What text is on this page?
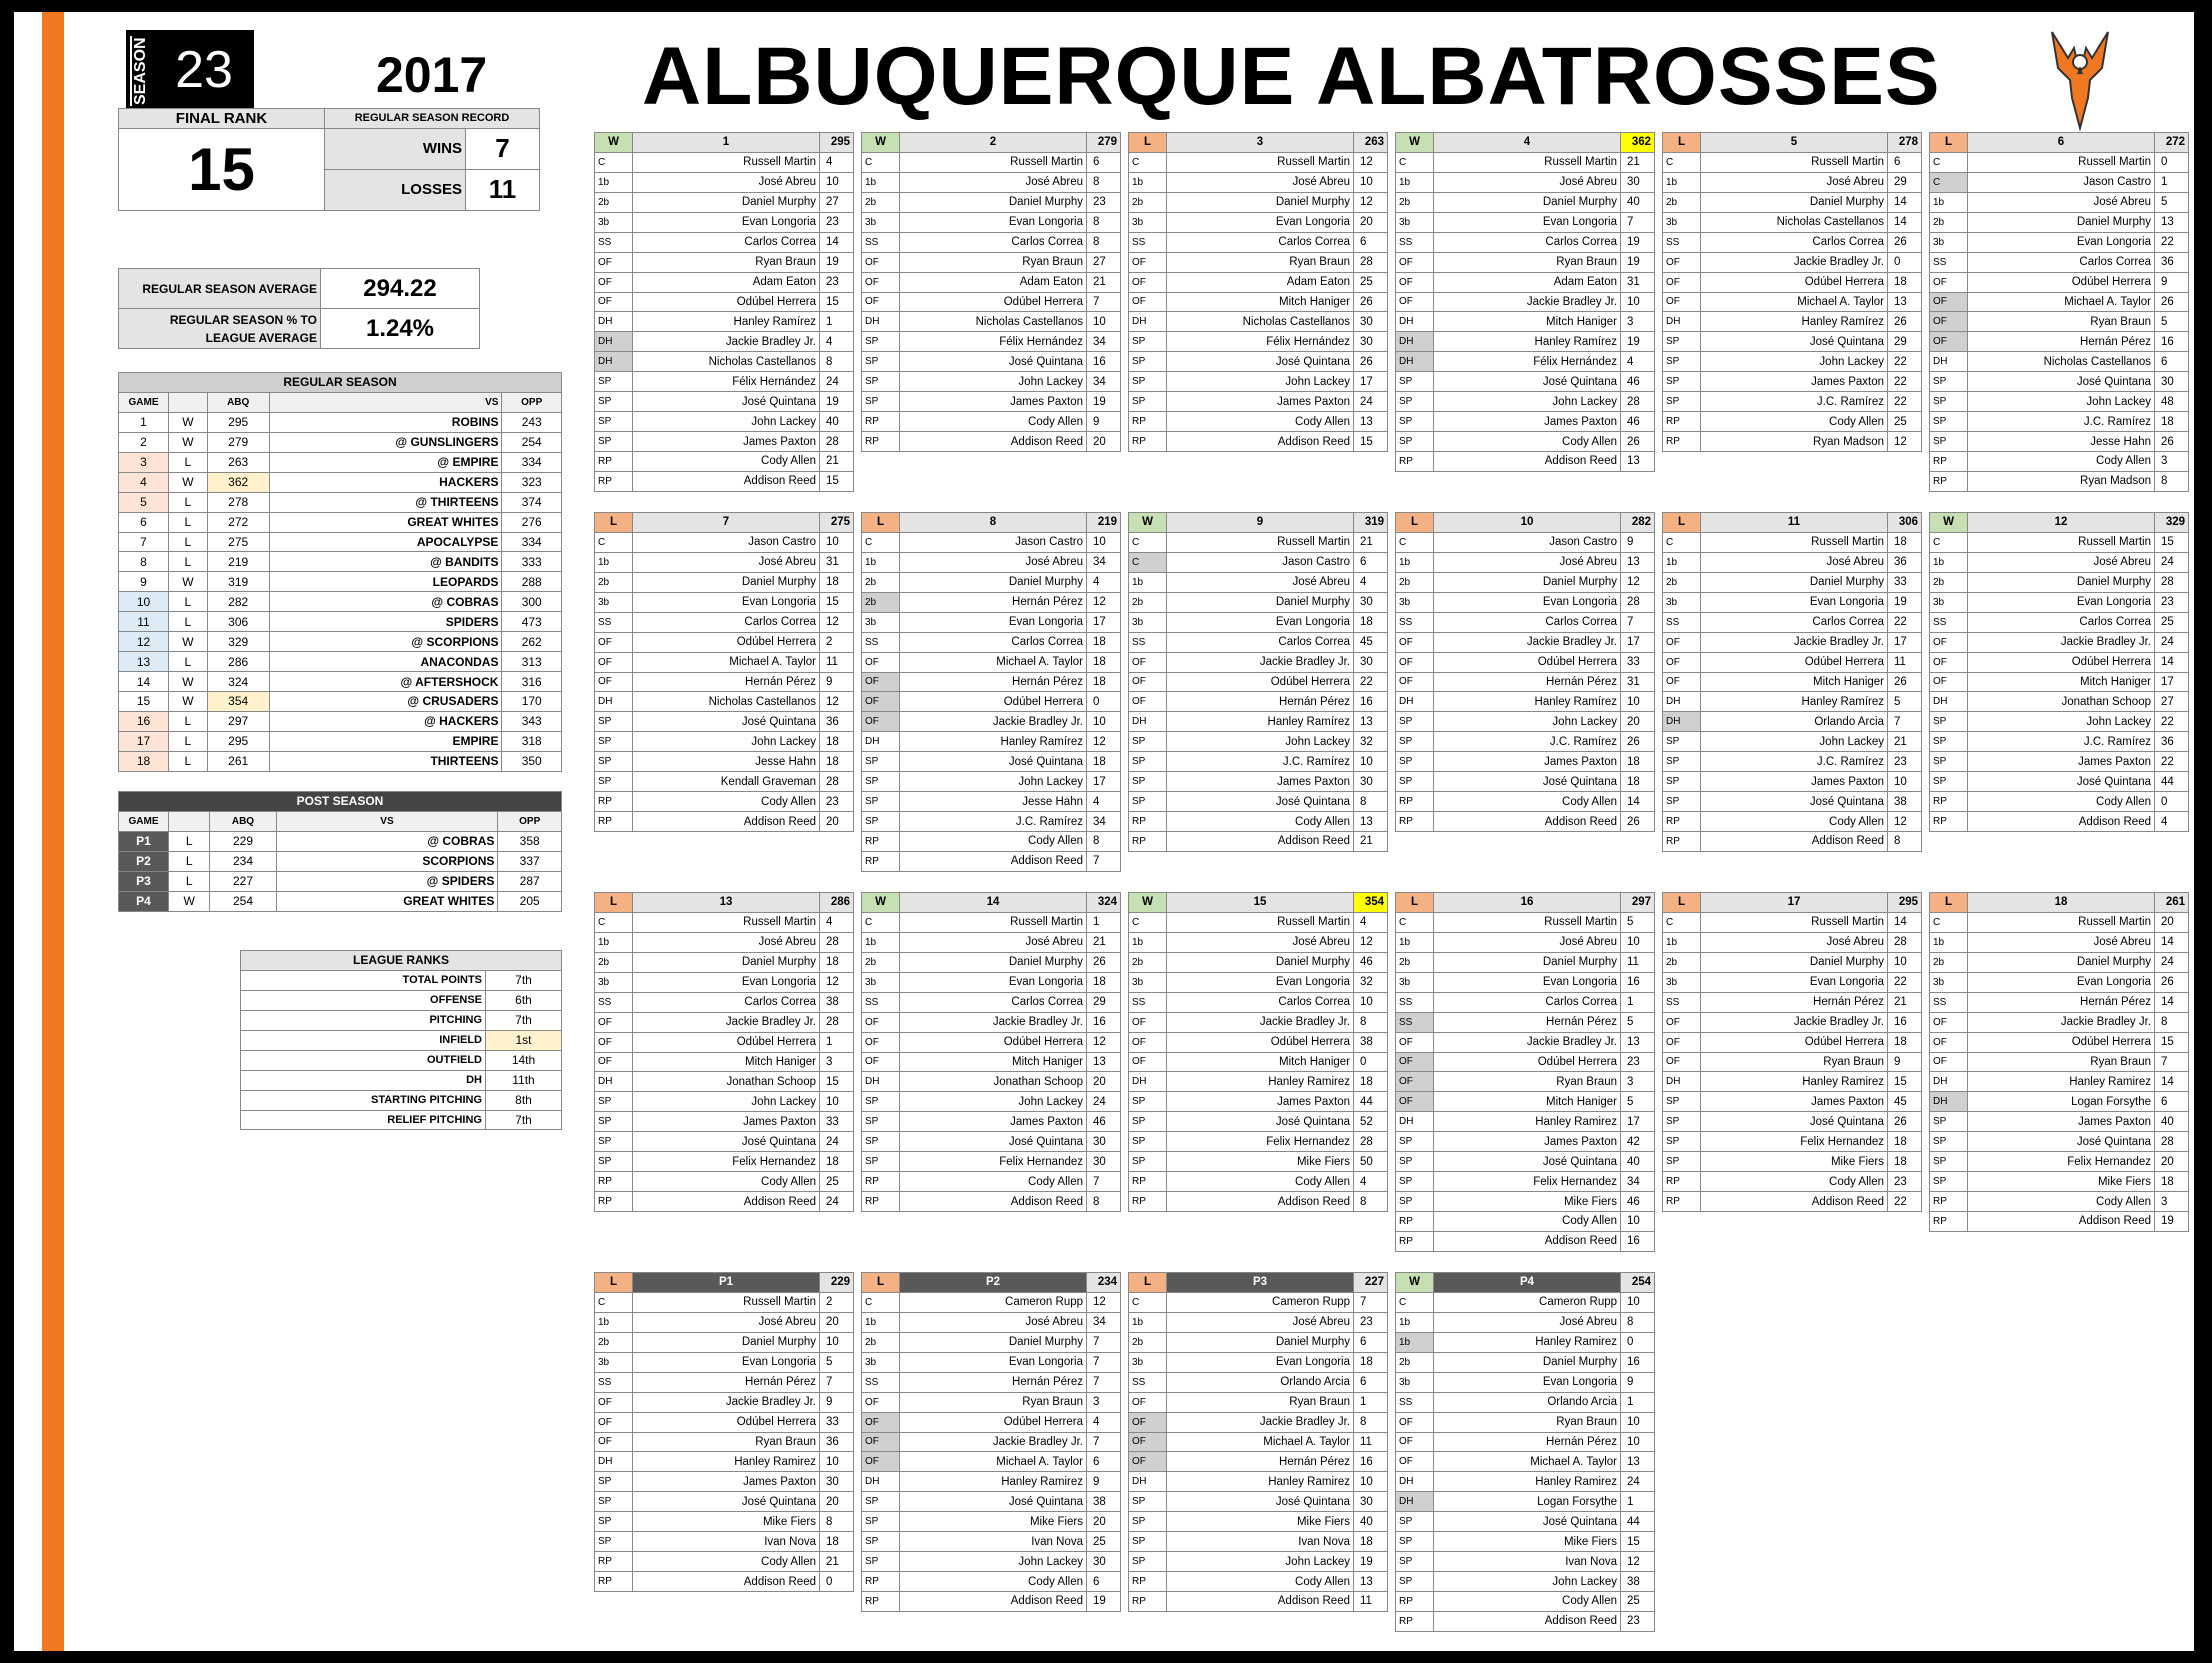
SEASON 23	2017 ALBUQUERQUE ALBATROSSES
FINAL RANK	REGULAR SEASON RECORD	
15	WINS	7
	LOSSES	11
REGULAR SEASON AVERAGE	294.22
REGULAR SEASON % TO LEAGUE AVERAGE	1.24%
REGULAR SEASON				
GAME		ABQ	VS	OPP
1	W	295	ROBINS	243
2	W	279	@ GUNSLINGERS	254
3	L	263	@ EMPIRE	334
4	W	362	HACKERS	323
5	L	278	@ THIRTEENS	374
6	L	272	GREAT WHITES	276
7	L	275	APOCALYPSE	334
8	L	219	@ BANDITS	333
9	W	319	LEOPARDS	288
10	L	282	@ COBRAS	300
11	L	306	SPIDERS	473
12	W	329	@ SCORPIONS	262
13	L	286	ANACONDAS	313
14	W	324	@ AFTERSHOCK	316
15	W	354	@ CRUSADERS	170
16	L	297	@ HACKERS	343
17	L	295	EMPIRE	318
18	L	261	THIRTEENS	350
POST SEASON				
GAME		ABQ	VS	OPP
P1	L	229	@ COBRAS	358
P2	L	234	SCORPIONS	337
P3	L	227	@ SPIDERS	287
P4	W	254	GREAT WHITES	205
LEAGUE RANKS	
TOTAL POINTS	7th
OFFENSE	6th
PITCHING	7th
INFIELD	1st
OUTFIELD	14th
DH	11th
STARTING PITCHING	8th
RELIEF PITCHING	7th
W	1	295
C	Russell Martin	4
1b	José Abreu	10
2b	Daniel Murphy	27
3b	Evan Longoria	23
SS	Carlos Correa	14
OF	Ryan Braun	19
OF	Adam Eaton	23
OF	Odúbel Herrera	15
DH	Hanley Ramírez	1
DH	Jackie Bradley Jr.	4
DH	Nicholas Castellanos	8
SP	Félix Hernández	24
SP	José Quintana	19
SP	John Lackey	40
SP	James Paxton	28
RP	Cody Allen	21
RP	Addison Reed	15
W	2	279
C	Russell Martin	6
1b	José Abreu	8
2b	Daniel Murphy	23
3b	Evan Longoria	8
SS	Carlos Correa	8
OF	Ryan Braun	27
OF	Adam Eaton	21
OF	Odúbel Herrera	7
DH	Nicholas Castellanos	10
SP	Félix Hernández	34
SP	José Quintana	16
SP	John Lackey	34
SP	James Paxton	19
RP	Cody Allen	9
RP	Addison Reed	20
L	3	263
C	Russell Martin	12
1b	José Abreu	10
2b	Daniel Murphy	12
3b	Evan Longoria	20
SS	Carlos Correa	6
OF	Ryan Braun	28
OF	Adam Eaton	25
OF	Mitch Haniger	26
DH	Nicholas Castellanos	30
SP	Félix Hernández	30
SP	José Quintana	26
SP	John Lackey	17
SP	James Paxton	24
RP	Cody Allen	13
RP	Addison Reed	15
W	4	362
C	Russell Martin	21
1b	José Abreu	30
2b	Daniel Murphy	40
3b	Evan Longoria	7
SS	Carlos Correa	19
OF	Ryan Braun	19
OF	Adam Eaton	31
OF	Jackie Bradley Jr.	10
DH	Mitch Haniger	3
DH	Hanley Ramírez	19
DH	Félix Hernández	4
SP	José Quintana	46
SP	John Lackey	28
SP	James Paxton	46
SP	Cody Allen	26
RP	Addison Reed	13
L	5	278
C	Russell Martin	6
1b	José Abreu	29
2b	Daniel Murphy	14
3b	Nicholas Castellanos	14
SS	Carlos Correa	26
OF	Jackie Bradley Jr.	0
OF	Odúbel Herrera	18
OF	Michael A. Taylor	13
DH	Hanley Ramírez	26
SP	José Quintana	29
SP	John Lackey	22
SP	James Paxton	22
SP	J.C. Ramírez	22
RP	Cody Allen	25
RP	Ryan Madson	12
L	6	272
C	Russell Martin	0
C	Jason Castro	1
1b	José Abreu	5
2b	Daniel Murphy	13
3b	Evan Longoria	22
SS	Carlos Correa	36
OF	Odúbel Herrera	9
OF	Michael A. Taylor	26
OF	Ryan Braun	5
OF	Hernán Pérez	16
DH	Nicholas Castellanos	6
SP	José Quintana	30
SP	John Lackey	48
SP	J.C. Ramírez	18
SP	Jesse Hahn	26
RP	Cody Allen	3
RP	Ryan Madson	8
L	7	275
C	Jason Castro	10
1b	José Abreu	31
2b	Daniel Murphy	18
3b	Evan Longoria	15
SS	Carlos Correa	12
OF	Odúbel Herrera	2
OF	Michael A. Taylor	11
OF	Hernán Pérez	9
DH	Nicholas Castellanos	12
SP	José Quintana	36
SP	John Lackey	18
SP	Jesse Hahn	18
SP	Kendall Graveman	28
RP	Cody Allen	23
RP	Addison Reed	20
L	8	219
C	Jason Castro	10
1b	José Abreu	34
2b	Daniel Murphy	4
2b	Hernán Pérez	12
3b	Evan Longoria	17
SS	Carlos Correa	18
OF	Michael A. Taylor	18
OF	Hernán Pérez	18
OF	Odúbel Herrera	0
OF	Jackie Bradley Jr.	10
DH	Hanley Ramírez	12
SP	José Quintana	18
SP	John Lackey	17
SP	Jesse Hahn	4
SP	J.C. Ramírez	34
RP	Cody Allen	8
RP	Addison Reed	7
W	9	319
C	Russell Martin	21
C	Jason Castro	6
1b	José Abreu	4
2b	Daniel Murphy	30
3b	Evan Longoria	18
SS	Carlos Correa	45
OF	Jackie Bradley Jr.	30
OF	Odúbel Herrera	22
OF	Hernán Pérez	16
DH	Hanley Ramírez	13
SP	John Lackey	32
SP	J.C. Ramírez	10
SP	James Paxton	30
SP	José Quintana	8
RP	Cody Allen	13
RP	Addison Reed	21
L	10	282
C	Jason Castro	9
1b	José Abreu	13
2b	Daniel Murphy	12
3b	Evan Longoria	28
SS	Carlos Correa	7
OF	Jackie Bradley Jr.	17
OF	Odúbel Herrera	33
OF	Hernán Pérez	31
DH	Hanley Ramírez	10
SP	John Lackey	20
SP	J.C. Ramírez	26
SP	James Paxton	18
SP	José Quintana	18
RP	Cody Allen	14
RP	Addison Reed	26
L	11	306
C	Russell Martin	18
1b	José Abreu	36
2b	Daniel Murphy	33
3b	Evan Longoria	19
SS	Carlos Correa	22
OF	Jackie Bradley Jr.	17
OF	Odúbel Herrera	11
OF	Mitch Haniger	26
DH	Hanley Ramírez	5
DH	Orlando Arcia	7
SP	John Lackey	21
SP	J.C. Ramírez	23
SP	James Paxton	10
SP	José Quintana	38
RP	Cody Allen	12
RP	Addison Reed	8
W	12	329
C	Russell Martin	15
1b	José Abreu	24
2b	Daniel Murphy	28
3b	Evan Longoria	23
SS	Carlos Correa	25
OF	Jackie Bradley Jr.	24
OF	Odúbel Herrera	14
OF	Mitch Haniger	17
DH	Jonathan Schoop	27
SP	John Lackey	22
SP	J.C. Ramírez	36
SP	James Paxton	22
SP	José Quintana	44
RP	Cody Allen	0
RP	Addison Reed	4
L	13	286
C	Russell Martin	4
1b	José Abreu	28
2b	Daniel Murphy	18
3b	Evan Longoria	12
SS	Carlos Correa	38
OF	Jackie Bradley Jr.	28
OF	Odúbel Herrera	1
OF	Mitch Haniger	3
DH	Jonathan Schoop	15
SP	John Lackey	10
SP	James Paxton	33
SP	José Quintana	24
SP	Felix Hernandez	18
RP	Cody Allen	25
RP	Addison Reed	24
W	14	324
C	Russell Martin	1
1b	José Abreu	21
2b	Daniel Murphy	26
3b	Evan Longoria	18
SS	Carlos Correa	29
OF	Jackie Bradley Jr.	16
OF	Odúbel Herrera	12
OF	Mitch Haniger	13
DH	Jonathan Schoop	20
SP	John Lackey	24
SP	James Paxton	46
SP	José Quintana	30
SP	Felix Hernandez	30
RP	Cody Allen	7
RP	Addison Reed	8
W	15	354
C	Russell Martin	4
1b	José Abreu	12
2b	Daniel Murphy	46
3b	Evan Longoria	32
SS	Carlos Correa	10
OF	Jackie Bradley Jr.	8
OF	Odúbel Herrera	38
OF	Mitch Haniger	0
DH	Hanley Ramirez	18
SP	James Paxton	44
SP	José Quintana	52
SP	Felix Hernandez	28
SP	Mike Fiers	50
RP	Cody Allen	4
RP	Addison Reed	8
L	16	297
C	Russell Martin	5
1b	José Abreu	10
2b	Daniel Murphy	11
3b	Evan Longoria	16
SS	Carlos Correa	1
SS	Hernán Pérez	5
OF	Jackie Bradley Jr.	13
OF	Odúbel Herrera	23
OF	Ryan Braun	3
OF	Mitch Haniger	5
DH	Hanley Ramirez	17
SP	James Paxton	42
SP	José Quintana	40
SP	Felix Hernandez	34
SP	Mike Fiers	46
RP	Cody Allen	10
RP	Addison Reed	16
L	17	295
C	Russell Martin	14
1b	José Abreu	28
2b	Daniel Murphy	10
3b	Evan Longoria	22
SS	Hernán Pérez	21
OF	Jackie Bradley Jr.	16
OF	Odúbel Herrera	18
OF	Ryan Braun	9
DH	Hanley Ramirez	15
SP	James Paxton	45
SP	José Quintana	26
SP	Felix Hernandez	18
SP	Mike Fiers	18
RP	Cody Allen	23
RP	Addison Reed	22
L	18	261
C	Russell Martin	20
1b	José Abreu	14
2b	Daniel Murphy	24
3b	Evan Longoria	26
SS	Hernán Pérez	14
OF	Jackie Bradley Jr.	8
OF	Odúbel Herrera	15
OF	Ryan Braun	7
DH	Hanley Ramirez	14
DH	Logan Forsythe	6
SP	James Paxton	40
SP	José Quintana	28
SP	Felix Hernandez	20
SP	Mike Fiers	18
RP	Cody Allen	3
RP	Addison Reed	19
L	P1	229
C	Russell Martin	2
1b	José Abreu	20
2b	Daniel Murphy	10
3b	Evan Longoria	5
SS	Hernán Pérez	7
OF	Jackie Bradley Jr.	9
OF	Odúbel Herrera	33
OF	Ryan Braun	36
DH	Hanley Ramirez	10
SP	James Paxton	30
SP	José Quintana	20
SP	Mike Fiers	8
SP	Ivan Nova	18
RP	Cody Allen	21
RP	Addison Reed	0
L	P2	234
C	Cameron Rupp	12
1b	José Abreu	34
2b	Daniel Murphy	7
3b	Evan Longoria	7
SS	Hernán Pérez	7
OF	Ryan Braun	3
OF	Odúbel Herrera	4
OF	Jackie Bradley Jr.	7
OF	Michael A. Taylor	6
DH	Hanley Ramirez	9
SP	José Quintana	38
SP	Mike Fiers	20
SP	Ivan Nova	25
SP	John Lackey	30
RP	Cody Allen	6
RP	Addison Reed	19
L	P3	227
C	Cameron Rupp	7
1b	José Abreu	23
2b	Daniel Murphy	6
3b	Evan Longoria	18
SS	Orlando Arcia	6
OF	Ryan Braun	1
OF	Jackie Bradley Jr.	8
OF	Michael A. Taylor	11
OF	Hernán Pérez	16
DH	Hanley Ramirez	10
SP	José Quintana	30
SP	Mike Fiers	40
SP	Ivan Nova	18
SP	John Lackey	19
RP	Cody Allen	13
RP	Addison Reed	11
W	P4	254
C	Cameron Rupp	10
1b	José Abreu	8
1b	Hanley Ramirez	0
2b	Daniel Murphy	16
3b	Evan Longoria	9
SS	Orlando Arcia	1
OF	Ryan Braun	10
OF	Hernán Pérez	10
OF	Michael A. Taylor	13
DH	Hanley Ramirez	24
DH	Logan Forsythe	1
SP	José Quintana	44
SP	Mike Fiers	15
SP	Ivan Nova	12
SP	John Lackey	38
RP	Cody Allen	25
RP	Addison Reed	23
